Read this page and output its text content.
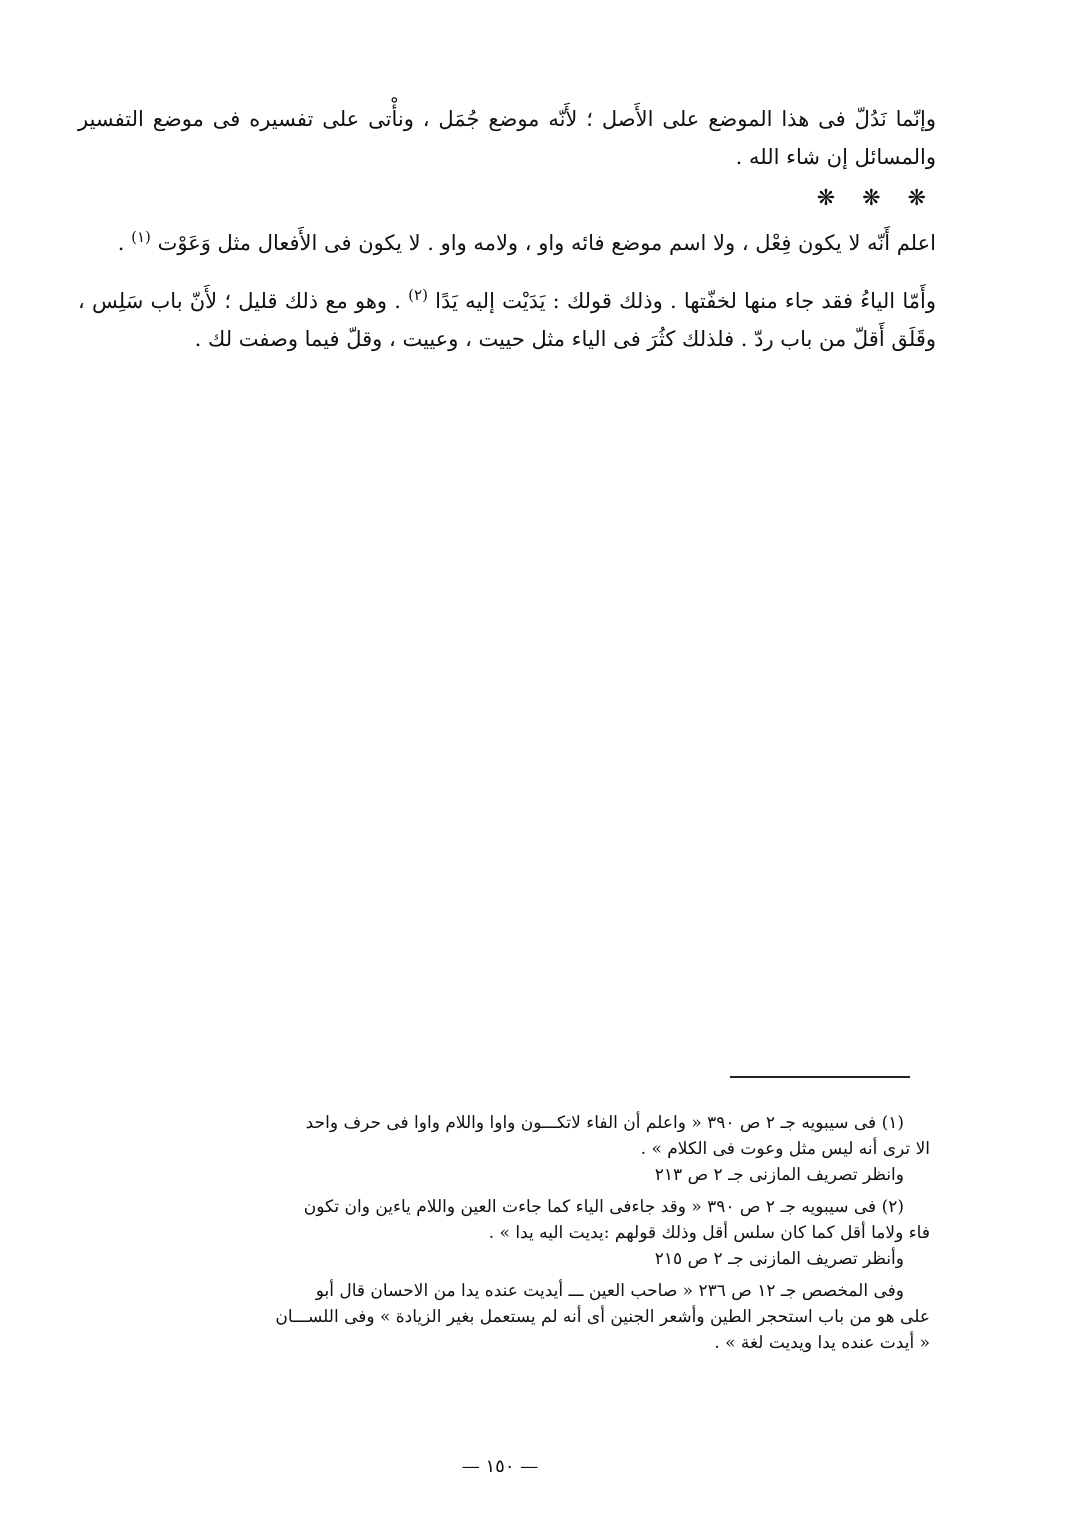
وإنّما نَدُلّ فى هذا الموضع على الأَصل ؛ لأَنّه موضع جُمَل ، ونأْتى على تفسيره فى موضع التفسير والمسائل إن شاء الله .

❋ ❋ ❋

اعلم أَنّه لا يكون فِعْل ، ولا اسم موضع فائه واو ، ولامه واو . لا يكون فى الأَفعال مثل وَعَوْت $^{(١)}$ .

وأَمّا الياءُ فقد جاء منها لخفّتها . وذلك قولك : يَدَيْت إليه يَدًا $^{(٢)}$ . وهو مع ذلك قليل ؛ لأَنّ باب سَلِس ، وقَلَق أَقلّ من باب ردّ . فلذلك كثُرَ فى الياء مثل حييت ، وعييت ، وقلّ فيما وصفت لك .

(١) فى سيبويه جـ ٢ ص ٣٩٠ « واعلم أن الفاء لاتكـــون واوا واللام واوا فى حرف واحد

الا ترى أنه ليس مثل وعوت فى الكلام » .

وانظر تصريف المازنى جـ ٢ ص ٢١٣

(٢) فى سيبويه جـ ٢ ص ٣٩٠ « وقد جاءفى الياء كما جاءت العين واللام ياءين وان تكون

فاء ولاما أقل كما كان سلس أقل وذلك قولهم :يديت اليه يدا » .

وأنظر تصريف المازنى جـ ٢ ص ٢١٥

وفى المخصص جـ ١٢ ص ٢٣٦ « صاحب العين ـــ أيديت عنده يدا من الاحسان قال أبو

على هو من باب استحجر الطين وأشعر الجنين أى أنه لم يستعمل بغير الزيادة » وفى اللســـان

« أيدت عنده يدا ويديت لغة » .

— ١٥٠ —
